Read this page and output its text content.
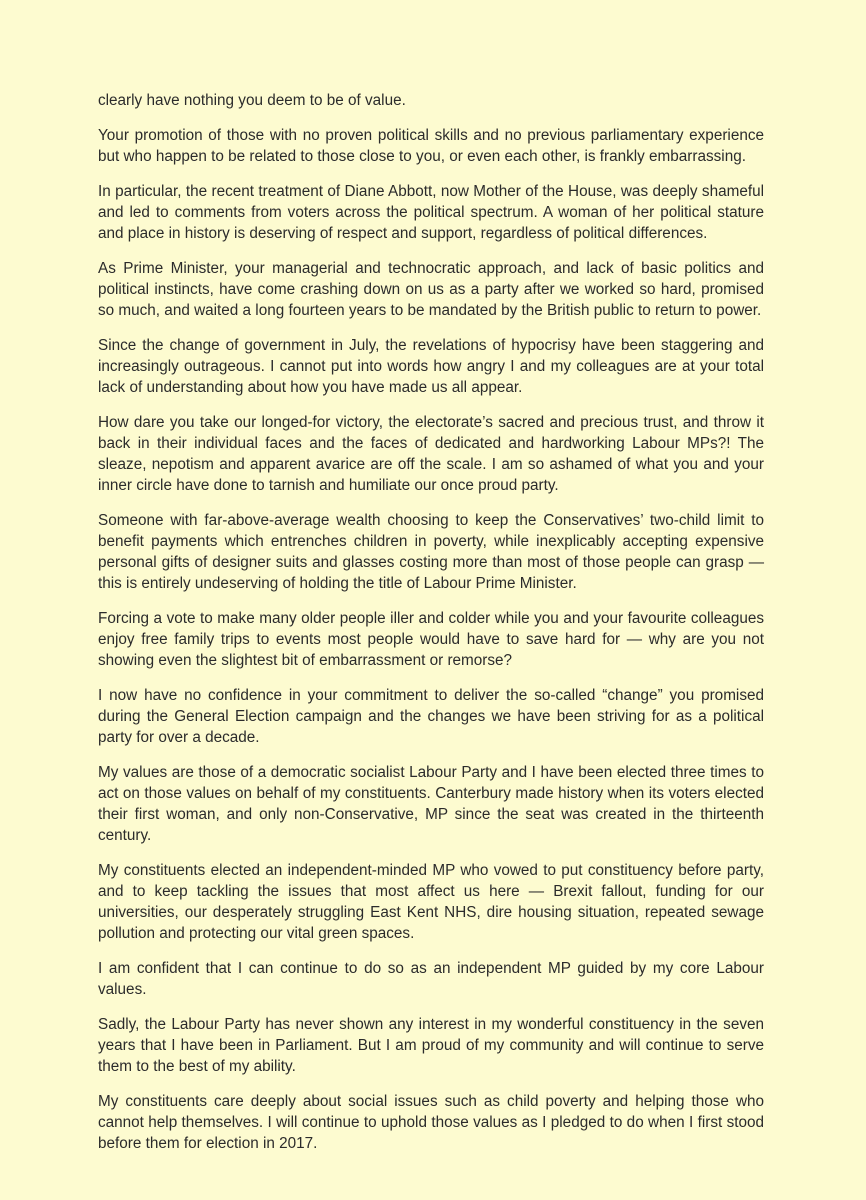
clearly have nothing you deem to be of value.

Your promotion of those with no proven political skills and no previous parliamentary experience but who happen to be related to those close to you, or even each other, is frankly embarrassing.

In particular, the recent treatment of Diane Abbott, now Mother of the House, was deeply shameful and led to comments from voters across the political spectrum. A woman of her political stature and place in history is deserving of respect and support, regardless of political differences.

As Prime Minister, your managerial and technocratic approach, and lack of basic politics and political instincts, have come crashing down on us as a party after we worked so hard, promised so much, and waited a long fourteen years to be mandated by the British public to return to power.

Since the change of government in July, the revelations of hypocrisy have been staggering and increasingly outrageous. I cannot put into words how angry I and my colleagues are at your total lack of understanding about how you have made us all appear.

How dare you take our longed-for victory, the electorate’s sacred and precious trust, and throw it back in their individual faces and the faces of dedicated and hardworking Labour MPs?! The sleaze, nepotism and apparent avarice are off the scale. I am so ashamed of what you and your inner circle have done to tarnish and humiliate our once proud party.

Someone with far-above-average wealth choosing to keep the Conservatives’ two-child limit to benefit payments which entrenches children in poverty, while inexplicably accepting expensive personal gifts of designer suits and glasses costing more than most of those people can grasp — this is entirely undeserving of holding the title of Labour Prime Minister.

Forcing a vote to make many older people iller and colder while you and your favourite colleagues enjoy free family trips to events most people would have to save hard for — why are you not showing even the slightest bit of embarrassment or remorse?

I now have no confidence in your commitment to deliver the so-called “change” you promised during the General Election campaign and the changes we have been striving for as a political party for over a decade.

My values are those of a democratic socialist Labour Party and I have been elected three times to act on those values on behalf of my constituents. Canterbury made history when its voters elected their first woman, and only non-Conservative, MP since the seat was created in the thirteenth century.

My constituents elected an independent-minded MP who vowed to put constituency before party, and to keep tackling the issues that most affect us here — Brexit fallout, funding for our universities, our desperately struggling East Kent NHS, dire housing situation, repeated sewage pollution and protecting our vital green spaces.

I am confident that I can continue to do so as an independent MP guided by my core Labour values.

Sadly, the Labour Party has never shown any interest in my wonderful constituency in the seven years that I have been in Parliament. But I am proud of my community and will continue to serve them to the best of my ability.

My constituents care deeply about social issues such as child poverty and helping those who cannot help themselves. I will continue to uphold those values as I pledged to do when I first stood before them for election in 2017.
